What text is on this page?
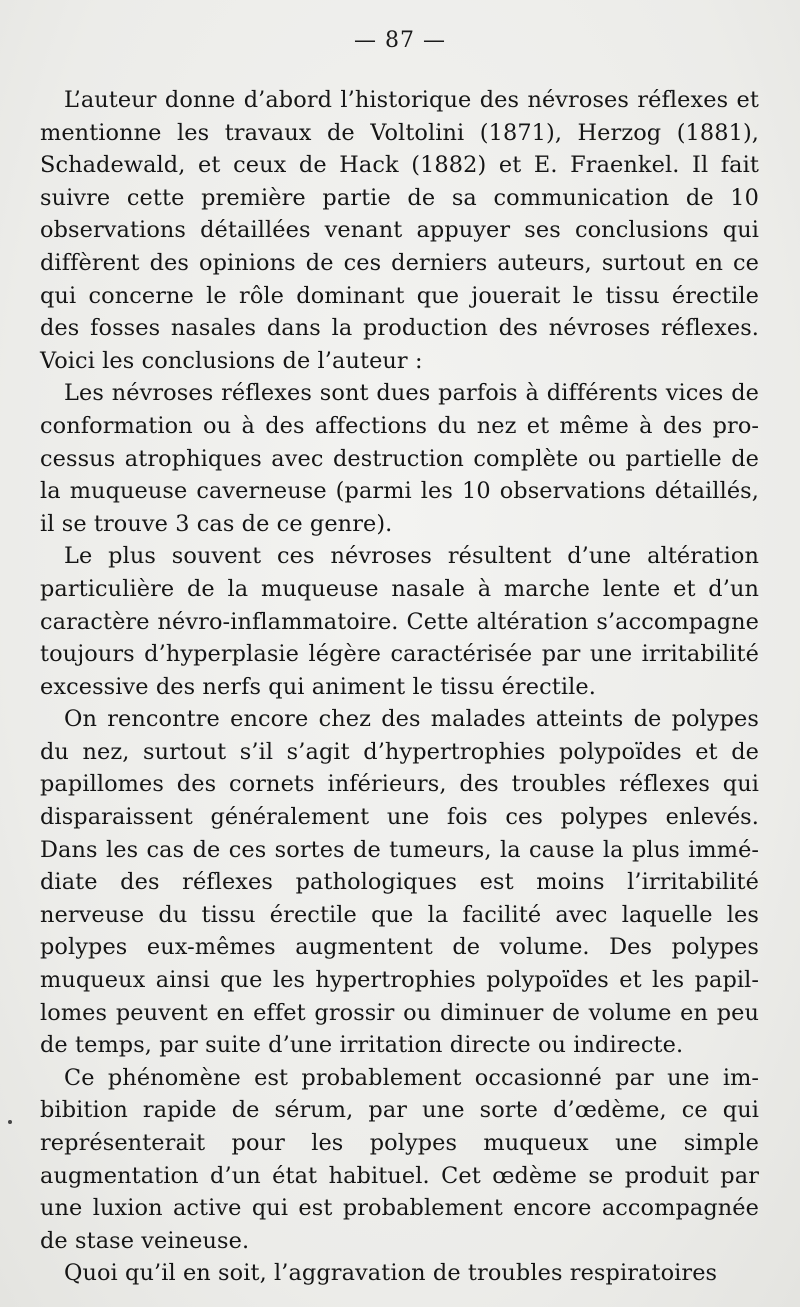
— 87 —

L’auteur donne d’abord l’historique des névroses réflexes et mentionne les travaux de Voltolini (1871), Herzog (1881), Schadewald, et ceux de Hack (1882) et E. Fraenkel. Il fait suivre cette première partie de sa communication de 10 observations détaillées venant appuyer ses conclusions qui diffèrent des opinions de ces derniers auteurs, surtout en ce qui concerne le rôle dominant que jouerait le tissu érectile des fosses nasales dans la production des névroses réflexes. Voici les conclusions de l’auteur :

Les névroses réflexes sont dues parfois à différents vices de conformation ou à des affections du nez et même à des processus atrophiques avec destruction complète ou partielle de la muqueuse caverneuse (parmi les 10 observations détaillés, il se trouve 3 cas de ce genre).

Le plus souvent ces névroses résultent d’une altération particulière de la muqueuse nasale à marche lente et d’un caractère névro-inflammatoire. Cette altération s’accompagne toujours d’hyperplasie légère caractérisée par une irritabilité excessive des nerfs qui animent le tissu érectile.

On rencontre encore chez des malades atteints de polypes du nez, surtout s’il s’agit d’hypertrophies polypoïdes et de papillomes des cornets inférieurs, des troubles réflexes qui disparaissent généralement une fois ces polypes enlevés. Dans les cas de ces sortes de tumeurs, la cause la plus immédiate des réflexes pathologiques est moins l’irritabilité nerveuse du tissu érectile que la facilité avec laquelle les polypes eux-mêmes augmentent de volume. Des polypes muqueux ainsi que les hypertrophies polypoïdes et les papillomes peuvent en effet grossir ou diminuer de volume en peu de temps, par suite d’une irritation directe ou indirecte.

Ce phénomène est probablement occasionné par une imbibition rapide de sérum, par une sorte d’œdème, ce qui représenterait pour les polypes muqueux une simple augmentation d’un état habituel. Cet œdème se produit par une luxion active qui est probablement encore accompagnée de stase veineuse.

Quoi qu’il en soit, l’aggravation de troubles respiratoires
